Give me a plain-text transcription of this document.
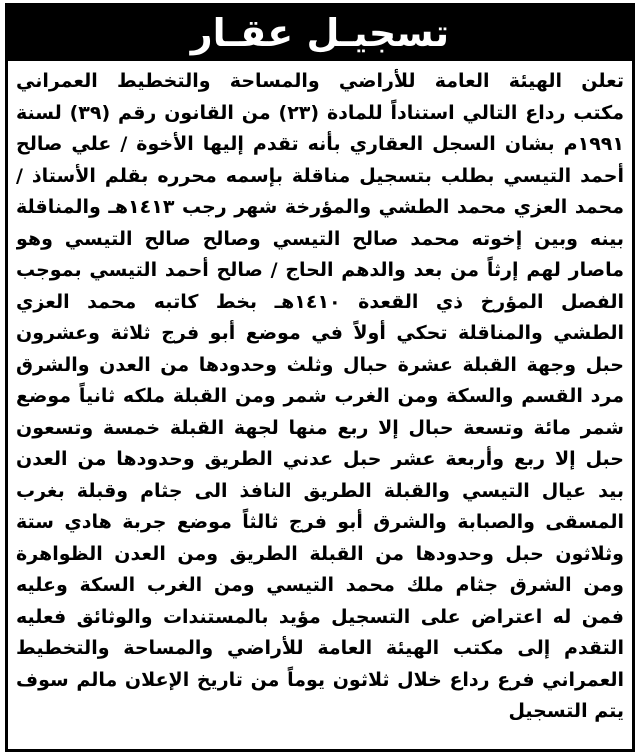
تسجيـل عقـار
تعلن الهيئة العامة للأراضي والمساحة والتخطيط العمراني
مكتب رداع التالي استناداً للمادة (٢٣) من القانون رقم (٣٩) لسنة
١٩٩١م بشان السجل العقاري بأنه تقدم إليها الأخوة / علي صالح
أحمد التيسي بطلب بتسجيل مناقلة بإسمه محرره بقلم الأستاذ /
محمد العزي محمد الطشي والمؤرخة شهر رجب ١٤١٣هـ والمناقلة
بينه وبين إخوته محمد صالح التيسي وصالح صالح التيسي وهو
ماصار لهم إرثاً من بعد والدهم الحاج / صالح أحمد التيسي بموجب
الفصل المؤرخ ذي القعدة ١٤١٠هـ بخط كاتبه محمد العزي
الطشي والمناقلة تحكي أولاً في موضع أبو فرج ثلاثة وعشرون
حبل وجهة القبلة عشرة حبال وثلث وحدودها من العدن والشرق
مرد القسم والسكة ومن الغرب شمر ومن القبلة ملكه ثانياً موضع
شمر مائة وتسعة حبال إلا ربع منها لجهة القبلة خمسة وتسعون
حبل إلا ربع وأربعة عشر حبل عدني الطريق وحدودها من العدن
بيد عيال التيسي والقبلة الطريق النافذ الى جثام وقبلة بغرب
المسقى والصبابة والشرق أبو فرج ثالثاً موضع جربة هادي ستة
وثلاثون حبل وحدودها من القبلة الطريق ومن العدن الظواهرة
ومن الشرق جثام ملك محمد التيسي ومن الغرب السكة وعليه
فمن له اعتراض على التسجيل مؤيد بالمستندات والوثائق فعليه
التقدم إلى مكتب الهيئة العامة للأراضي والمساحة والتخطيط
العمراني فرع رداع خلال ثلاثون يوماً من تاريخ الإعلان مالم سوف
يتم التسجيل
